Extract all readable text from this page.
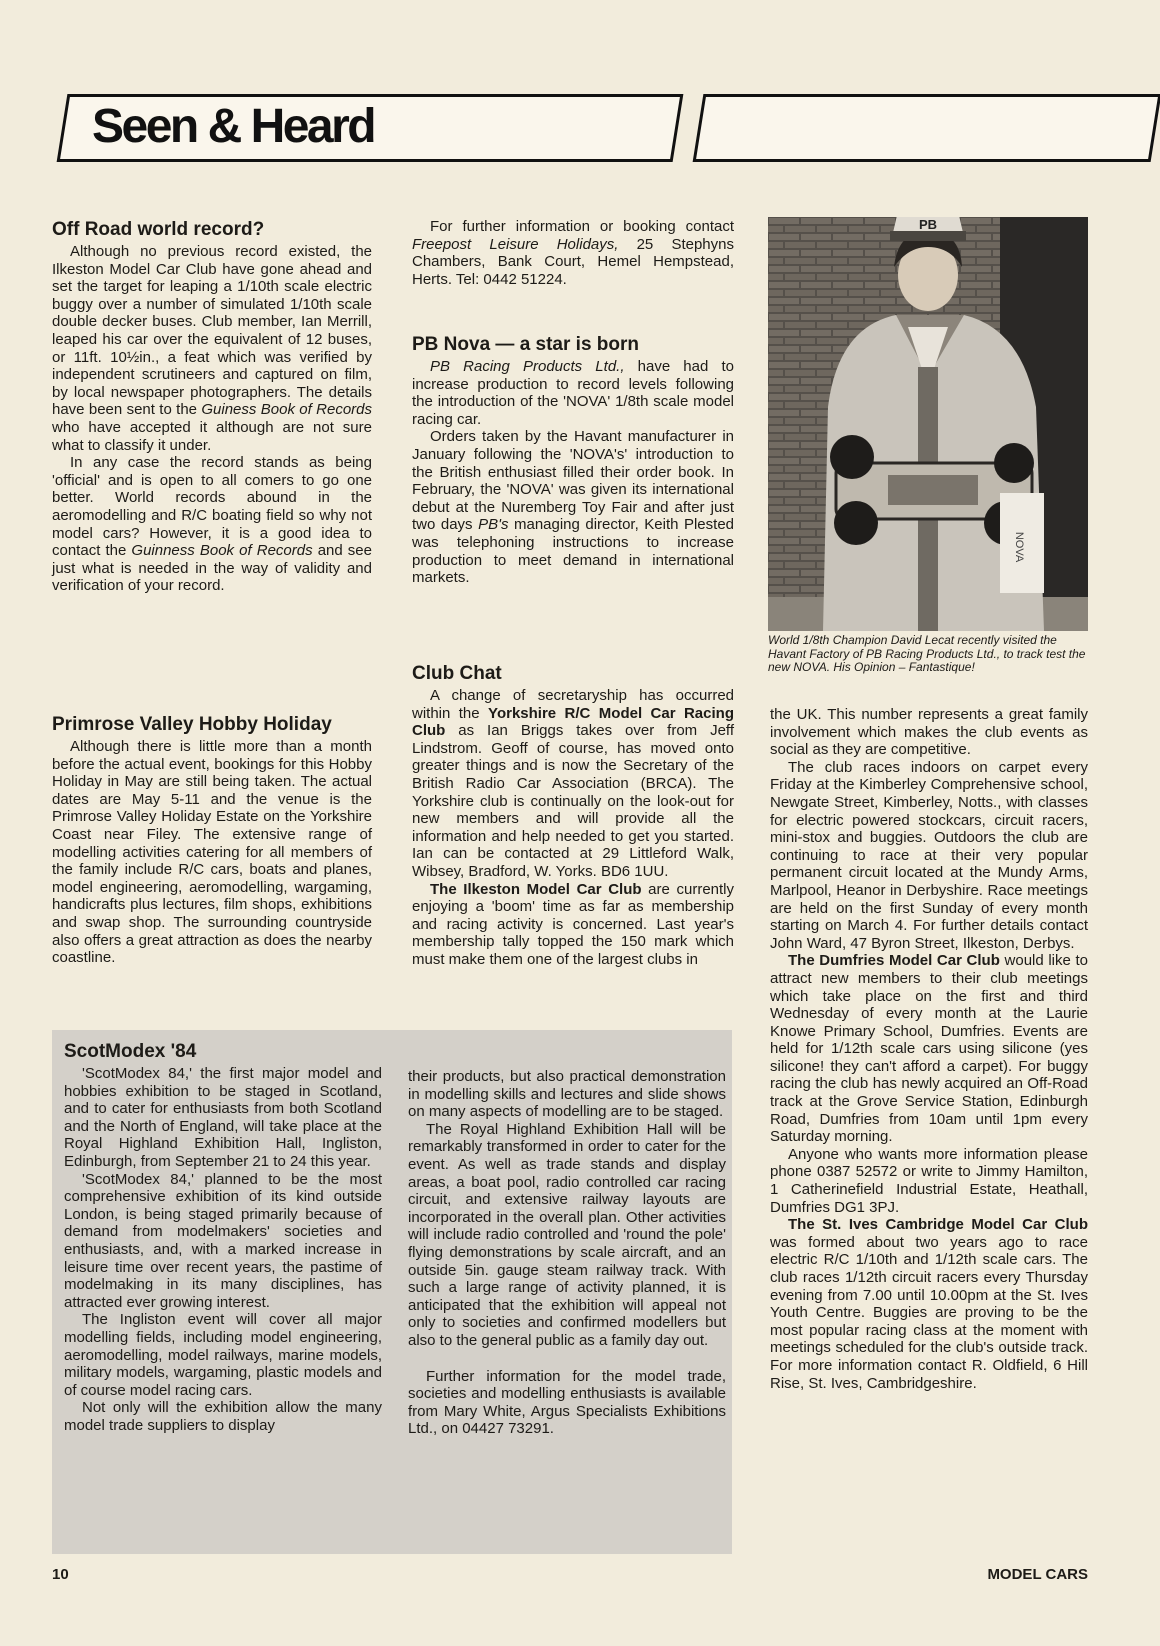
Seen & Heard
PB
NOVA
World 1/8th Champion David Lecat recently visited the Havant Factory of PB Racing Products Ltd., to track test the new NOVA. His Opinion – Fantastique!
Off Road world record?

Although no previous record existed, the Ilkeston Model Car Club have gone ahead and set the target for leaping a 1/10th scale electric buggy over a number of simulated 1/10th scale double decker buses. Club member, Ian Merrill, leaped his car over the equivalent of 12 buses, or 11ft. 10½in., a feat which was verified by independent scrutineers and captured on film, by local newspaper photographers. The details have been sent to the Guiness Book of Records who have accepted it although are not sure what to classify it under.

In any case the record stands as being 'official' and is open to all comers to go one better. World records abound in the aeromodelling and R/C boating field so why not model cars? However, it is a good idea to contact the Guinness Book of Records and see just what is needed in the way of validity and verification of your record.

Primrose Valley Hobby Holiday

Although there is little more than a month before the actual event, bookings for this Hobby Holiday in May are still being taken. The actual dates are May 5-11 and the venue is the Primrose Valley Holiday Estate on the Yorkshire Coast near Filey. The extensive range of modelling activities catering for all members of the family include R/C cars, boats and planes, model engineering, aeromodelling, wargaming, handicrafts plus lectures, film shops, exhibitions and swap shop. The surrounding countryside also offers a great attraction as does the nearby coastline.

For further information or booking contact Freepost Leisure Holidays, 25 Stephyns Chambers, Bank Court, Hemel Hempstead, Herts. Tel: 0442 51224.

PB Nova — a star is born

PB Racing Products Ltd., have had to increase production to record levels following the introduction of the 'NOVA' 1/8th scale model racing car.

Orders taken by the Havant manufacturer in January following the 'NOVA's' introduction to the British enthusiast filled their order book. In February, the 'NOVA' was given its international debut at the Nuremberg Toy Fair and after just two days PB's managing director, Keith Plested was telephoning instructions to increase production to meet demand in international markets.

Club Chat

A change of secretaryship has occurred within the Yorkshire R/C Model Car Racing Club as Ian Briggs takes over from Jeff Lindstrom. Geoff of course, has moved onto greater things and is now the Secretary of the British Radio Car Association (BRCA). The Yorkshire club is continually on the look-out for new members and will provide all the information and help needed to get you started. Ian can be contacted at 29 Littleford Walk, Wibsey, Bradford, W. Yorks. BD6 1UU.

The Ilkeston Model Car Club are currently enjoying a 'boom' time as far as membership and racing activity is concerned. Last year's membership tally topped the 150 mark which must make them one of the largest clubs in

the UK. This number represents a great family involvement which makes the club events as social as they are competitive.

The club races indoors on carpet every Friday at the Kimberley Comprehensive school, Newgate Street, Kimberley, Notts., with classes for electric powered stockcars, circuit racers, mini-stox and buggies. Outdoors the club are continuing to race at their very popular permanent circuit located at the Mundy Arms, Marlpool, Heanor in Derbyshire. Race meetings are held on the first Sunday of every month starting on March 4. For further details contact John Ward, 47 Byron Street, Ilkeston, Derbys.

The Dumfries Model Car Club would like to attract new members to their club meetings which take place on the first and third Wednesday of every month at the Laurie Knowe Primary School, Dumfries. Events are held for 1/12th scale cars using silicone (yes silicone! they can't afford a carpet). For buggy racing the club has newly acquired an Off-Road track at the Grove Service Station, Edinburgh Road, Dumfries from 10am until 1pm every Saturday morning.

Anyone who wants more information please phone 0387 52572 or write to Jimmy Hamilton, 1 Catherinefield Industrial Estate, Heathall, Dumfries DG1 3PJ.

The St. Ives Cambridge Model Car Club was formed about two years ago to race electric R/C 1/10th and 1/12th scale cars. The club races 1/12th circuit racers every Thursday evening from 7.00 until 10.00pm at the St. Ives Youth Centre. Buggies are proving to be the most popular racing class at the moment with meetings scheduled for the club's outside track. For more information contact R. Oldfield, 6 Hill Rise, St. Ives, Cambridgeshire.

ScotModex '84

'ScotModex 84,' the first major model and hobbies exhibition to be staged in Scotland, and to cater for enthusiasts from both Scotland and the North of England, will take place at the Royal Highland Exhibition Hall, Ingliston, Edinburgh, from September 21 to 24 this year.

'ScotModex 84,' planned to be the most comprehensive exhibition of its kind outside London, is being staged primarily because of demand from modelmakers' societies and enthusiasts, and, with a marked increase in leisure time over recent years, the pastime of modelmaking in its many disciplines, has attracted ever growing interest.

The Ingliston event will cover all major modelling fields, including model engineering, aeromodelling, model railways, marine models, military models, wargaming, plastic models and of course model racing cars.

Not only will the exhibition allow the many model trade suppliers to display

their products, but also practical demonstration in modelling skills and lectures and slide shows on many aspects of modelling are to be staged.

The Royal Highland Exhibition Hall will be remarkably transformed in order to cater for the event. As well as trade stands and display areas, a boat pool, radio controlled car racing circuit, and extensive railway layouts are incorporated in the overall plan. Other activities will include radio controlled and 'round the pole' flying demonstrations by scale aircraft, and an outside 5in. gauge steam railway track. With such a large range of activity planned, it is anticipated that the exhibition will appeal not only to societies and confirmed modellers but also to the general public as a family day out.

Further information for the model trade, societies and modelling enthusiasts is available from Mary White, Argus Specialists Exhibitions Ltd., on 04427 73291.

10	MODEL CARS
